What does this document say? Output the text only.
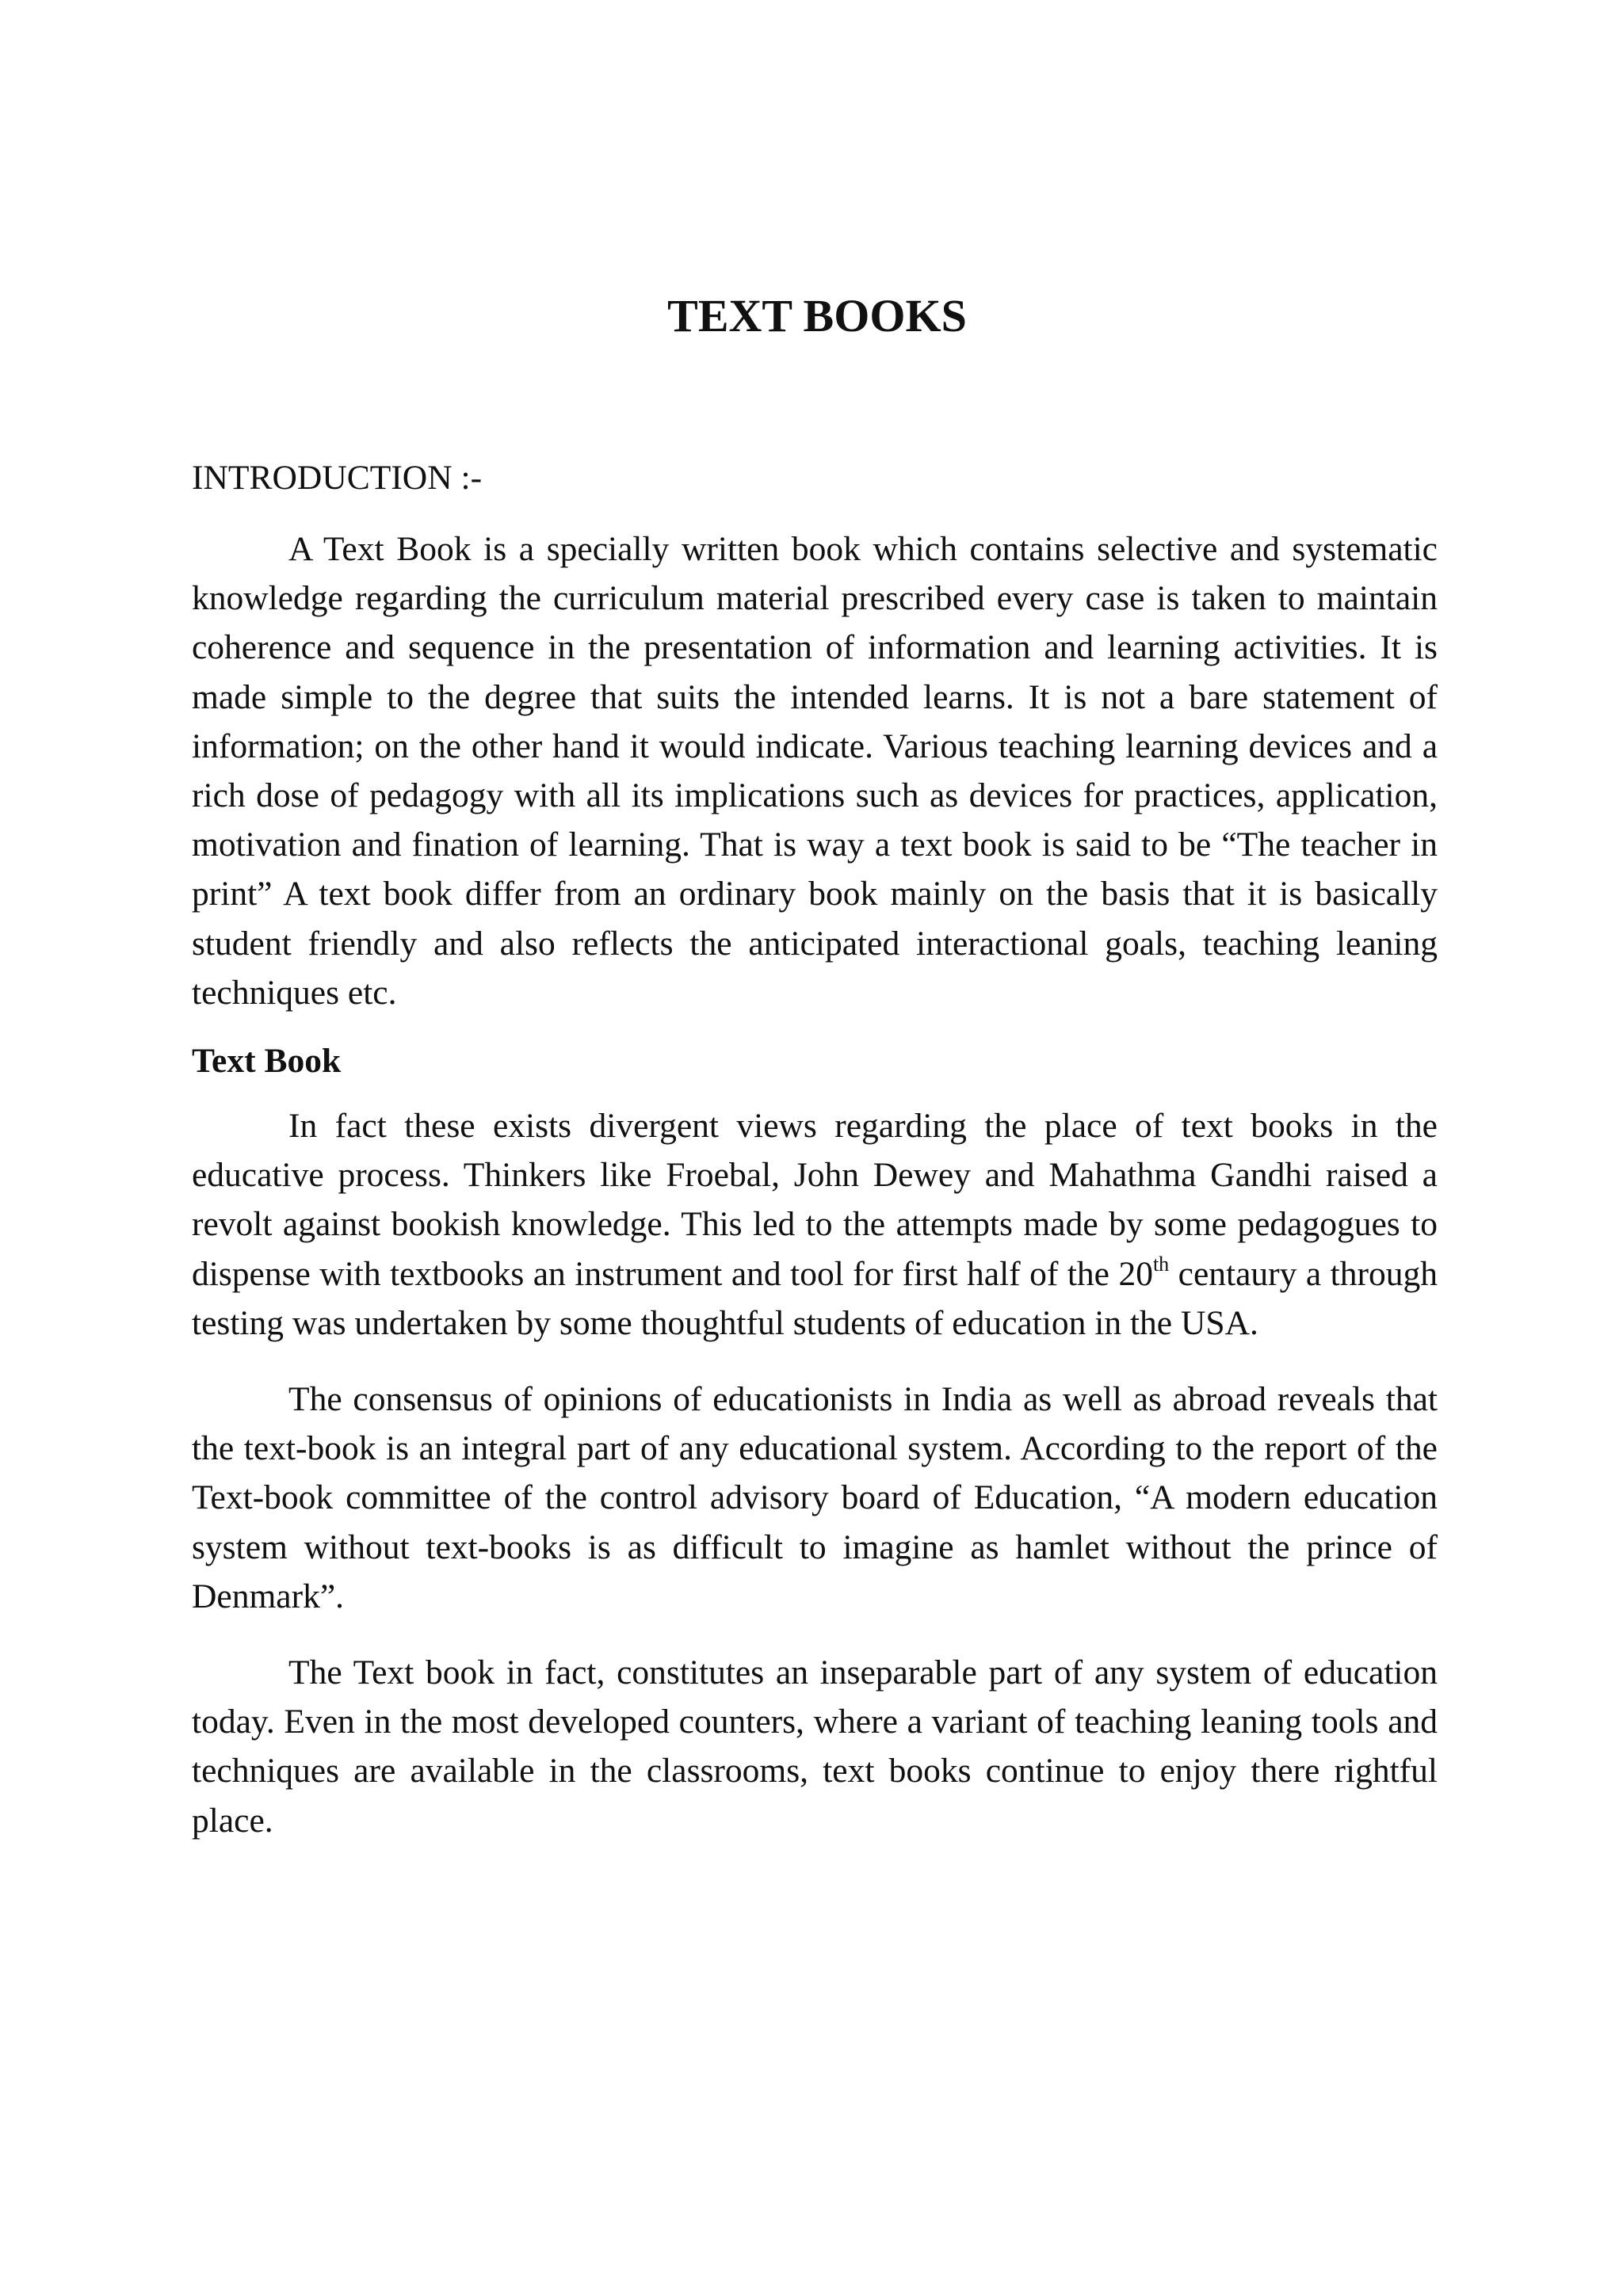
TEXT BOOKS

INTRODUCTION :-

A Text Book is a specially written book which contains selective and systematic knowledge regarding the curriculum material prescribed every case is taken to maintain coherence and sequence in the presentation of information and learning activities. It is made simple to the degree that suits the intended learns. It is not a bare statement of information; on the other hand it would indicate. Various teaching learning devices and a rich dose of pedagogy with all its implications such as devices for practices, application, motivation and fination of learning. That is way a text book is said to be “The teacher in print” A text book differ from an ordinary book mainly on the basis that it is basically student friendly and also reflects the anticipated interactional goals, teaching leaning techniques etc.

Text Book

In fact these exists divergent views regarding the place of text books in the educative process. Thinkers like Froebal, John Dewey and Mahathma Gandhi raised a revolt against bookish knowledge. This led to the attempts made by some pedagogues to dispense with textbooks an instrument and tool for first half of the 20th centaury a through testing was undertaken by some thoughtful students of education in the USA.

The consensus of opinions of educationists in India as well as abroad reveals that the text-book is an integral part of any educational system. According to the report of the Text-book committee of the control advisory board of Education, “A modern education system without text-books is as difficult to imagine as hamlet without the prince of Denmark”.

The Text book in fact, constitutes an inseparable part of any system of education today. Even in the most developed counters, where a variant of teaching leaning tools and techniques are available in the classrooms, text books continue to enjoy there rightful place.
